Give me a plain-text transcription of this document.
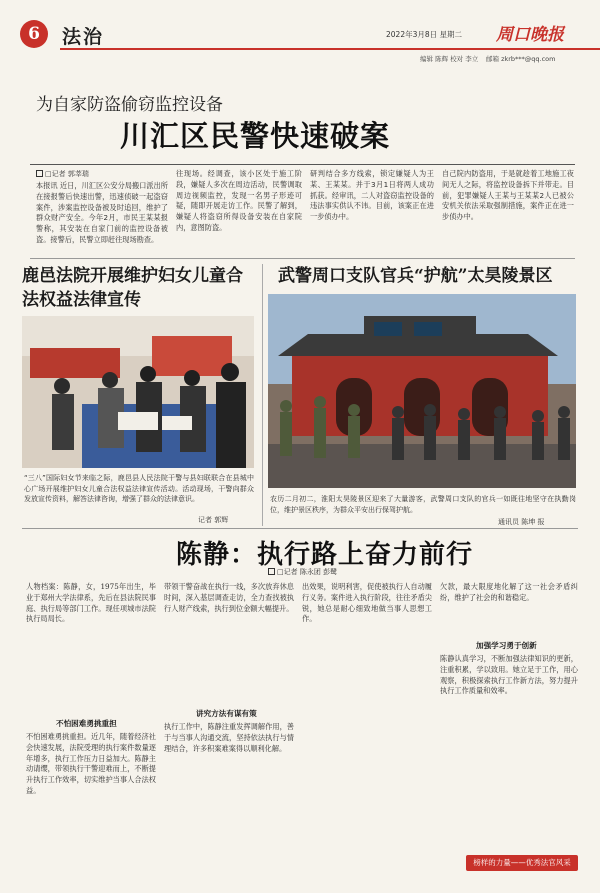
6	法治	2022年3月8日 星期二 周口晚报
编辑 陈辉 校对 李立 邮箱 zkrb***@qq.com
为自家防盗偷窃监控设备
川汇区民警快速破案
□记者 郭莘瑞
本报讯 近日，川汇区公安分局搬口派出所在接报警后快速出警，迅速侦破一起盗窃案件，涉案监控设备被及时追回，维护了群众财产安全。今年2月，市民王某某报警称，其安装在自家门前的监控设备被盗。接警后，民警立即赶往现场勘查。
往现场。经调查，该小区处于施工阶段，嫌疑人多次在周边活动，民警调取周边视频监控，发现一名男子形迹可疑，随即开展走访工作。民警了解到，嫌疑人将盗窃所得设备安装在自家院内，意图防盗。
研判结合多方线索，锁定嫌疑人为王某、王某某。并于3月1日将两人成功抓获。经审讯，二人对盗窃监控设备的违法事实供认不讳。目前，该案正在进一步侦办中。
自己院内防盗用，于是就趁着工地施工夜间无人之际，将监控设备拆下并带走。目前，犯罪嫌疑人王某与王某某2人已被公安机关依法采取强制措施，案件正在进一步侦办中。
鹿邑法院开展维护妇女儿童合法权益法律宣传
“三八”国际妇女节来临之际，鹿邑县人民法院干警与县妇联联合在县城中心广场开展维护妇女儿童合法权益法律宣传活动。活动现场，干警向群众发放宣传资料，解答法律咨询，增强了群众的法律意识。
记者 郭辉
武警周口支队官兵“护航”太昊陵景区
农历二月初二，淮阳太昊陵景区迎来了大量游客，武警周口支队的官兵一如既往地坚守在执勤岗位，维护景区秩序，为群众平安出行保驾护航。
通讯员 陈坤 报
陈静：执行路上奋力前行
□记者 陈永团 彭鹭
人物档案：陈静，女，1975年出生，毕业于郑州大学法律系，先后在县法院民事庭、执行局等部门工作。现任项城市法院执行局局长。
不怕困难勇挑重担
不怕困难勇挑重担。近几年，随着经济社会快速发展，法院受理的执行案件数量逐年增多，执行工作压力日益加大。陈静主动请缨，带领执行干警迎难而上，不断提升执行工作效率，切实维护当事人合法权益。
带领干警奋战在执行一线，多次放弃休息时间，深入基层调查走访，全力查找被执行人财产线索，执行到位金额大幅提升。
讲究方法有谋有策
执行工作中，陈静注重发挥调解作用，善于与当事人沟通交流，坚持依法执行与情理结合，许多积案难案得以顺利化解。
出效果，说明利害，促使被执行人自动履行义务。案件进入执行阶段，往往矛盾尖锐，她总是耐心细致地做当事人思想工作。
欠款，最大限度地化解了这一社会矛盾纠纷，维护了社会的和谐稳定。
加强学习勇于创新
陈静认真学习，不断加强法律知识的更新，注重积累，学以致用。她立足于工作，用心观察，积极探索执行工作新方法，努力提升执行工作质量和效率。
榜样的力量——优秀法官风采
